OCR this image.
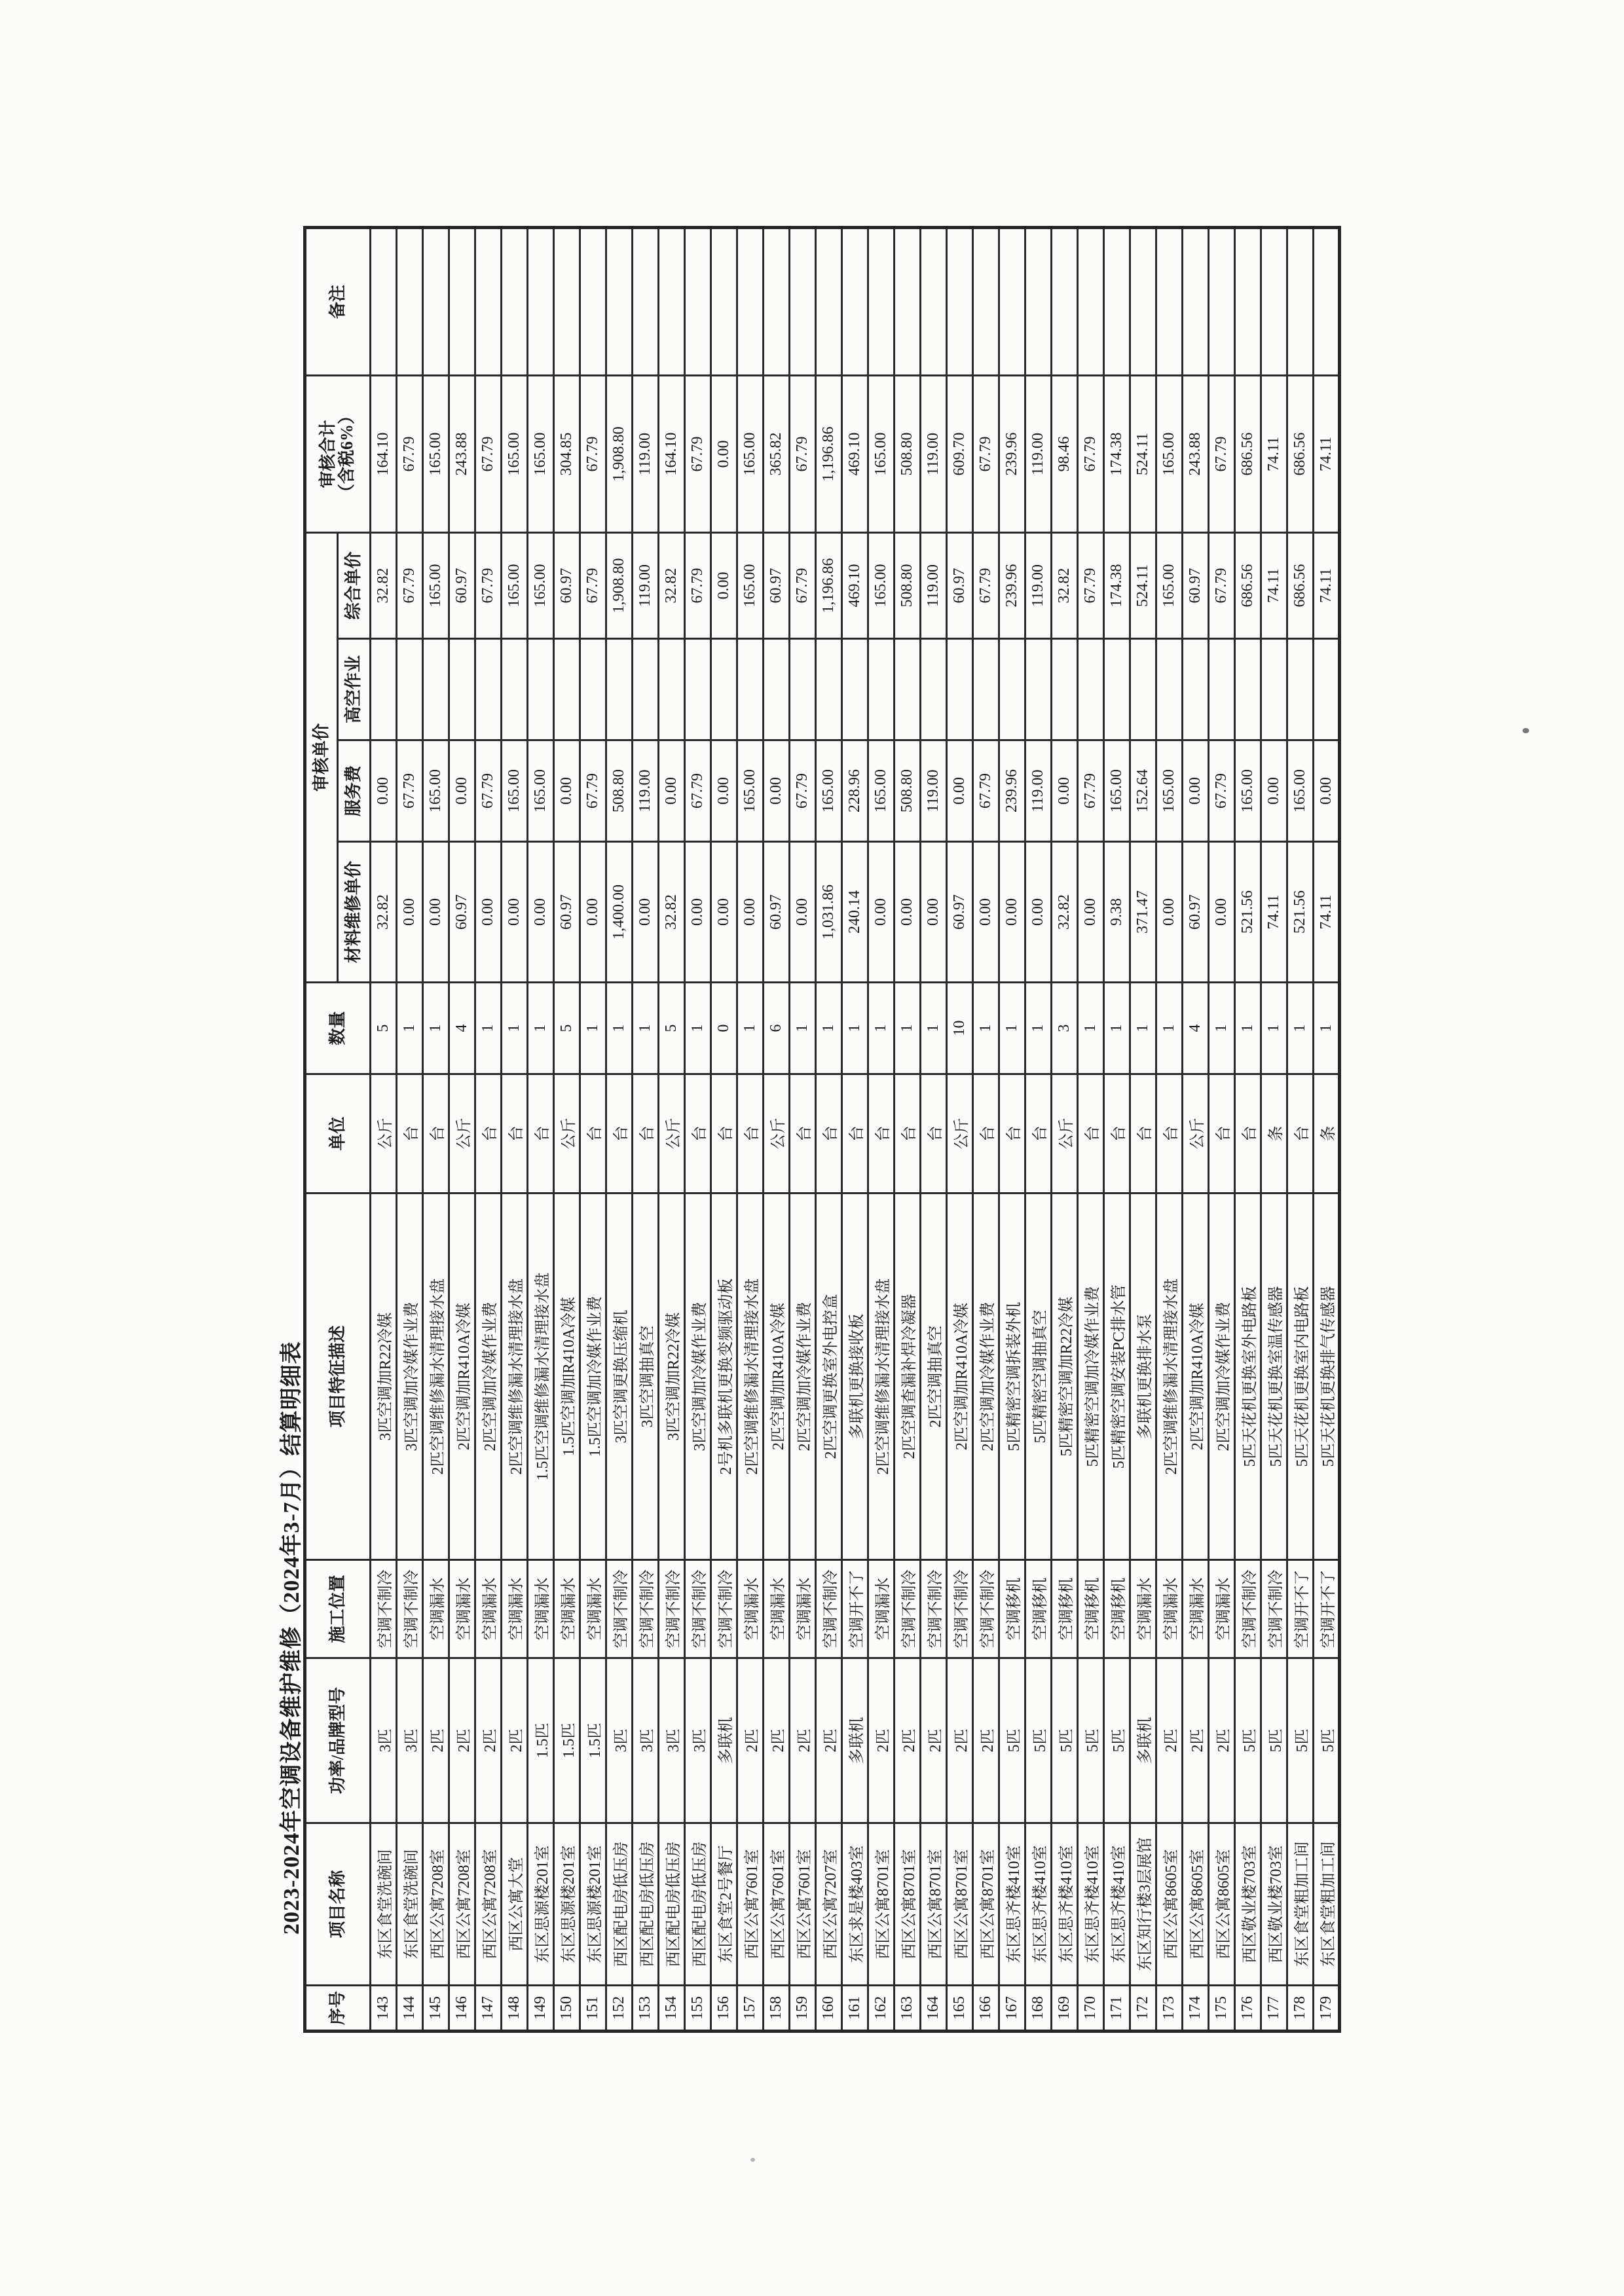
2023-2024年空调设备维护维修（2024年3-7月）结算明细表
序号	项目名称	功率/品牌型号	施工位置	项目特征描述	单位	数量	审核单价				审核合计
（含税6%）	备注
							材料维修单价	服务费	高空作业	综合单价		
143	东区食堂洗碗间	3匹	空调不制冷	3匹空调加R22冷媒	公斤	5	32.82	0.00		32.82	164.10	
144	东区食堂洗碗间	3匹	空调不制冷	3匹空调加冷媒作业费	台	1	0.00	67.79		67.79	67.79	
145	西区公寓7208室	2匹	空调漏水	2匹空调维修漏水清理接水盘	台	1	0.00	165.00		165.00	165.00	
146	西区公寓7208室	2匹	空调漏水	2匹空调加R410A冷媒	公斤	4	60.97	0.00		60.97	243.88	
147	西区公寓7208室	2匹	空调漏水	2匹空调加冷媒作业费	台	1	0.00	67.79		67.79	67.79	
148	西区公寓大堂	2匹	空调漏水	2匹空调维修漏水清理接水盘	台	1	0.00	165.00		165.00	165.00	
149	东区思源楼201室	1.5匹	空调漏水	1.5匹空调维修漏水清理接水盘	台	1	0.00	165.00		165.00	165.00	
150	东区思源楼201室	1.5匹	空调漏水	1.5匹空调加R410A冷媒	公斤	5	60.97	0.00		60.97	304.85	
151	东区思源楼201室	1.5匹	空调漏水	1.5匹空调加冷媒作业费	台	1	0.00	67.79		67.79	67.79	
152	西区配电房低压房	3匹	空调不制冷	3匹空调更换压缩机	台	1	1,400.00	508.80		1,908.80	1,908.80	
153	西区配电房低压房	3匹	空调不制冷	3匹空调抽真空	台	1	0.00	119.00		119.00	119.00	
154	西区配电房低压房	3匹	空调不制冷	3匹空调加R22冷媒	公斤	5	32.82	0.00		32.82	164.10	
155	西区配电房低压房	3匹	空调不制冷	3匹空调加冷媒作业费	台	1	0.00	67.79		67.79	67.79	
156	东区食堂2号餐厅	多联机	空调不制冷	2号机多联机更换变频驱动板	台	0	0.00	0.00		0.00	0.00	
157	西区公寓7601室	2匹	空调漏水	2匹空调维修漏水清理接水盘	台	1	0.00	165.00		165.00	165.00	
158	西区公寓7601室	2匹	空调漏水	2匹空调加R410A冷媒	公斤	6	60.97	0.00		60.97	365.82	
159	西区公寓7601室	2匹	空调漏水	2匹空调加冷媒作业费	台	1	0.00	67.79		67.79	67.79	
160	西区公寓7207室	2匹	空调不制冷	2匹空调更换室外电控盒	台	1	1,031.86	165.00		1,196.86	1,196.86	
161	东区求是楼403室	多联机	空调开不了	多联机更换接收板	台	1	240.14	228.96		469.10	469.10	
162	西区公寓8701室	2匹	空调漏水	2匹空调维修漏水清理接水盘	台	1	0.00	165.00		165.00	165.00	
163	西区公寓8701室	2匹	空调不制冷	2匹空调查漏补焊冷凝器	台	1	0.00	508.80		508.80	508.80	
164	西区公寓8701室	2匹	空调不制冷	2匹空调抽真空	台	1	0.00	119.00		119.00	119.00	
165	西区公寓8701室	2匹	空调不制冷	2匹空调加R410A冷媒	公斤	10	60.97	0.00		60.97	609.70	
166	西区公寓8701室	2匹	空调不制冷	2匹空调加冷媒作业费	台	1	0.00	67.79		67.79	67.79	
167	东区思齐楼410室	5匹	空调移机	5匹精密空调拆装外机	台	1	0.00	239.96		239.96	239.96	
168	东区思齐楼410室	5匹	空调移机	5匹精密空调抽真空	台	1	0.00	119.00		119.00	119.00	
169	东区思齐楼410室	5匹	空调移机	5匹精密空调加R22冷媒	公斤	3	32.82	0.00		32.82	98.46	
170	东区思齐楼410室	5匹	空调移机	5匹精密空调加冷媒作业费	台	1	0.00	67.79		67.79	67.79	
171	东区思齐楼410室	5匹	空调移机	5匹精密空调安装PC排水管	台	1	9.38	165.00		174.38	174.38	
172	东区知行楼3层展馆	多联机	空调漏水	多联机更换排水泵	台	1	371.47	152.64		524.11	524.11	
173	西区公寓8605室	2匹	空调漏水	2匹空调维修漏水清理接水盘	台	1	0.00	165.00		165.00	165.00	
174	西区公寓8605室	2匹	空调漏水	2匹空调加R410A冷媒	公斤	4	60.97	0.00		60.97	243.88	
175	西区公寓8605室	2匹	空调漏水	2匹空调加冷媒作业费	台	1	0.00	67.79		67.79	67.79	
176	西区敬业楼703室	5匹	空调不制冷	5匹天花机更换室外电路板	台	1	521.56	165.00		686.56	686.56	
177	西区敬业楼703室	5匹	空调不制冷	5匹天花机更换室温传感器	条	1	74.11	0.00		74.11	74.11	
178	东区食堂粗加工间	5匹	空调开不了	5匹天花机更换室内电路板	台	1	521.56	165.00		686.56	686.56	
179	东区食堂粗加工间	5匹	空调开不了	5匹天花机更换排气传感器	条	1	74.11	0.00		74.11	74.11	
